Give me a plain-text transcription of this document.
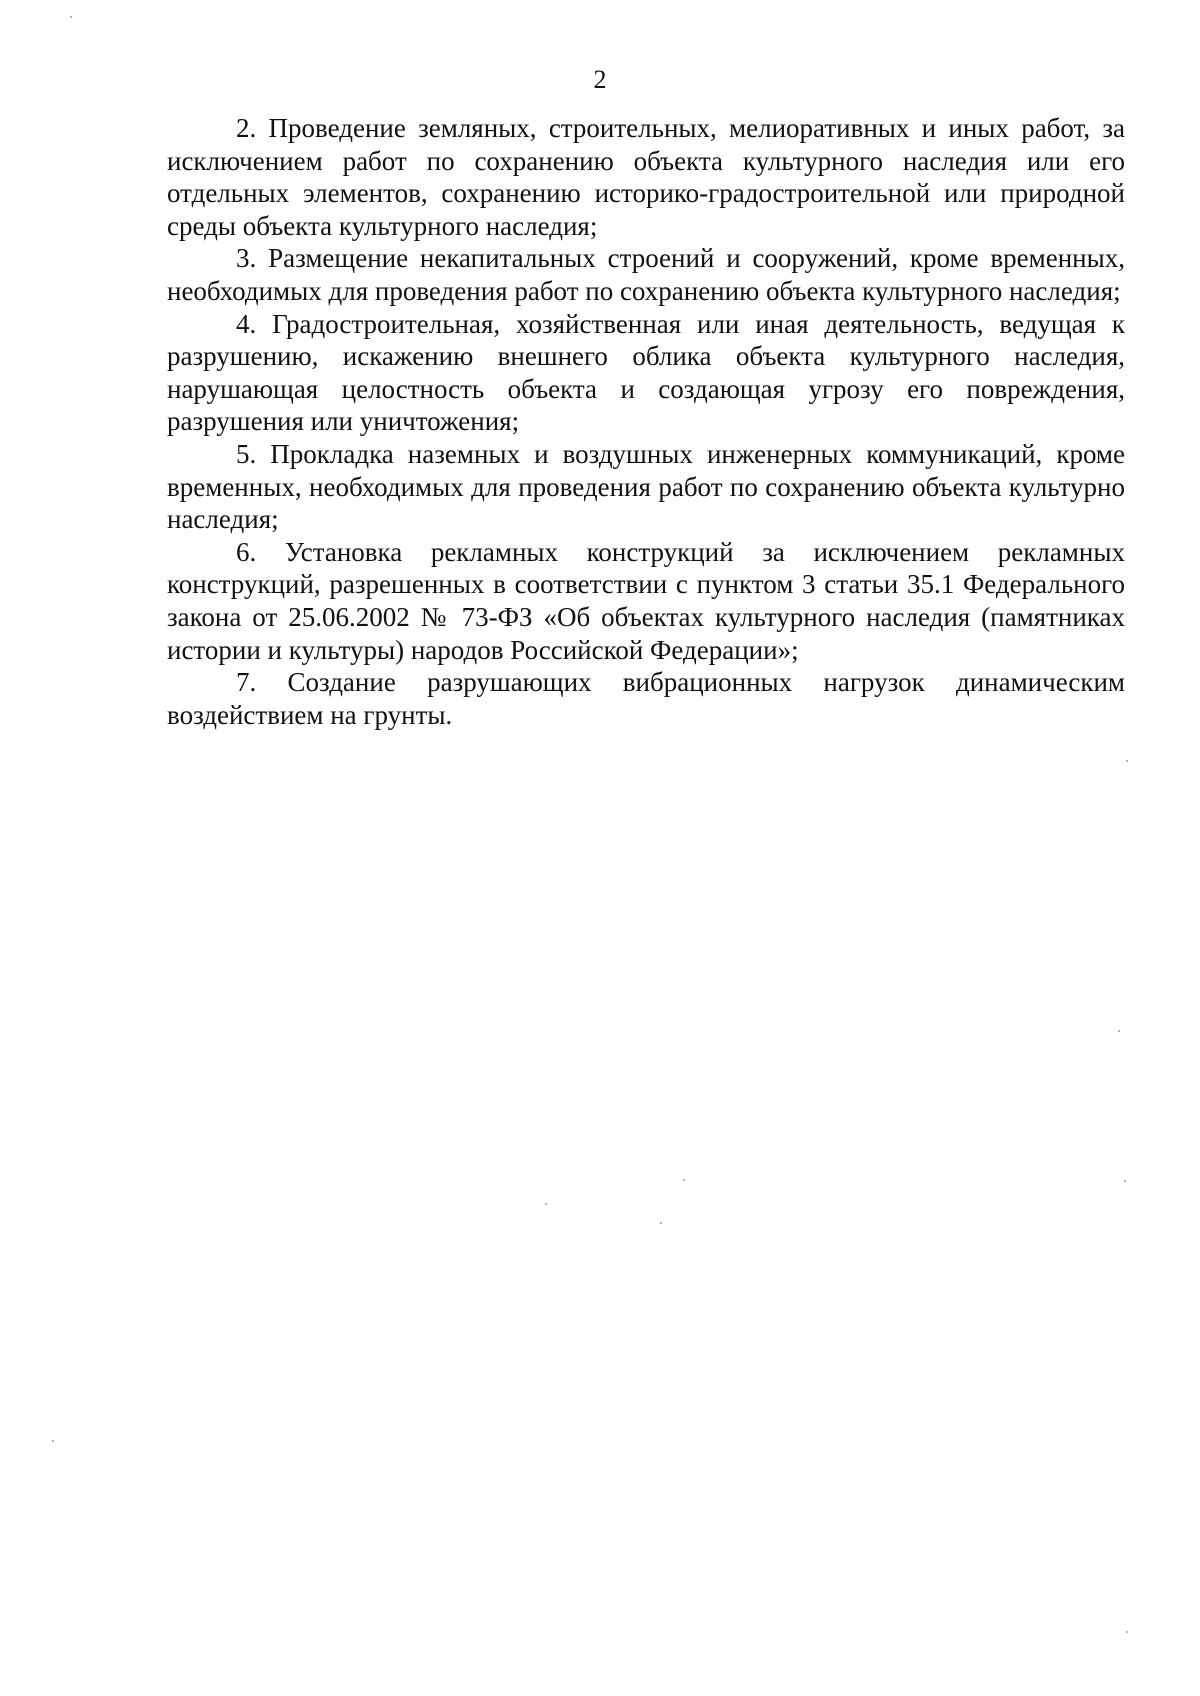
2

2. Проведение земляных, строительных, мелиоративных и иных работ, за исключением работ по сохранению объекта культурного наследия или его отдельных элементов, сохранению историко-градостроительной или природной среды объекта культурного наследия;

3. Размещение некапитальных строений и сооружений, кроме временных, необходимых для проведения работ по сохранению объекта культурного наследия;

4. Градостроительная, хозяйственная или иная деятельность, ведущая к разрушению, искажению внешнего облика объекта культурного наследия, нарушающая целостность объекта и создающая угрозу его повреждения, разрушения или уничтожения;

5. Прокладка наземных и воздушных инженерных коммуникаций, кроме временных, необходимых для проведения работ по сохранению объекта культурно наследия;

6. Установка рекламных конструкций за исключением рекламных конструкций, разрешенных в соответствии с пунктом 3 статьи 35.1 Федерального закона от 25.06.2002 № 73-ФЗ «Об объектах культурного наследия (памятниках истории и культуры) народов Российской Федерации»;

7. Создание разрушающих вибрационных нагрузок динамическим воздействием на грунты.
